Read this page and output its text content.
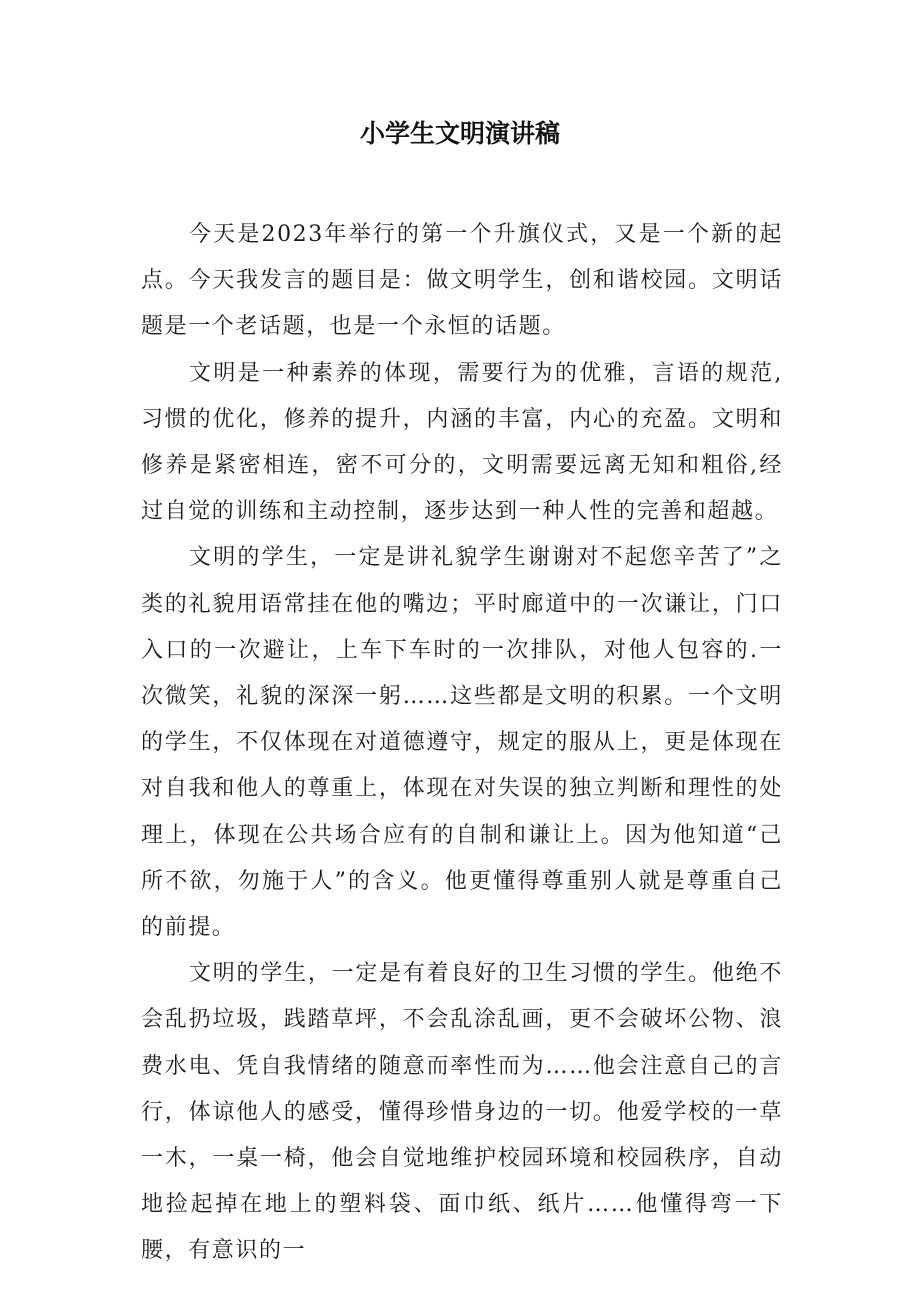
小学生文明演讲稿

今天是2023年举行的第一个升旗仪式，又是一个新的起点。今天我发言的题目是：做文明学生，创和谐校园。文明话题是一个老话题，也是一个永恒的话题。

文明是一种素养的体现，需要行为的优雅，言语的规范,习惯的优化，修养的提升，内涵的丰富，内心的充盈。文明和修养是紧密相连，密不可分的，文明需要远离无知和粗俗,经过自觉的训练和主动控制，逐步达到一种人性的完善和超越。

文明的学生，一定是讲礼貌学生谢谢对不起您辛苦了”之类的礼貌用语常挂在他的嘴边；平时廊道中的一次谦让，门口入口的一次避让，上车下车时的一次排队，对他人包容的.一次微笑，礼貌的深深一躬……这些都是文明的积累。一个文明的学生，不仅体现在对道德遵守，规定的服从上，更是体现在对自我和他人的尊重上，体现在对失误的独立判断和理性的处理上，体现在公共场合应有的自制和谦让上。因为他知道“己所不欲，勿施于人”的含义。他更懂得尊重别人就是尊重自己的前提。

文明的学生，一定是有着良好的卫生习惯的学生。他绝不会乱扔垃圾，践踏草坪，不会乱涂乱画，更不会破坏公物、浪费水电、凭自我情绪的随意而率性而为……他会注意自己的言行，体谅他人的感受，懂得珍惜身边的一切。他爱学校的一草一木，一桌一椅，他会自觉地维护校园环境和校园秩序，自动地捡起掉在地上的塑料袋、面巾纸、纸片……他懂得弯一下腰，有意识的一
